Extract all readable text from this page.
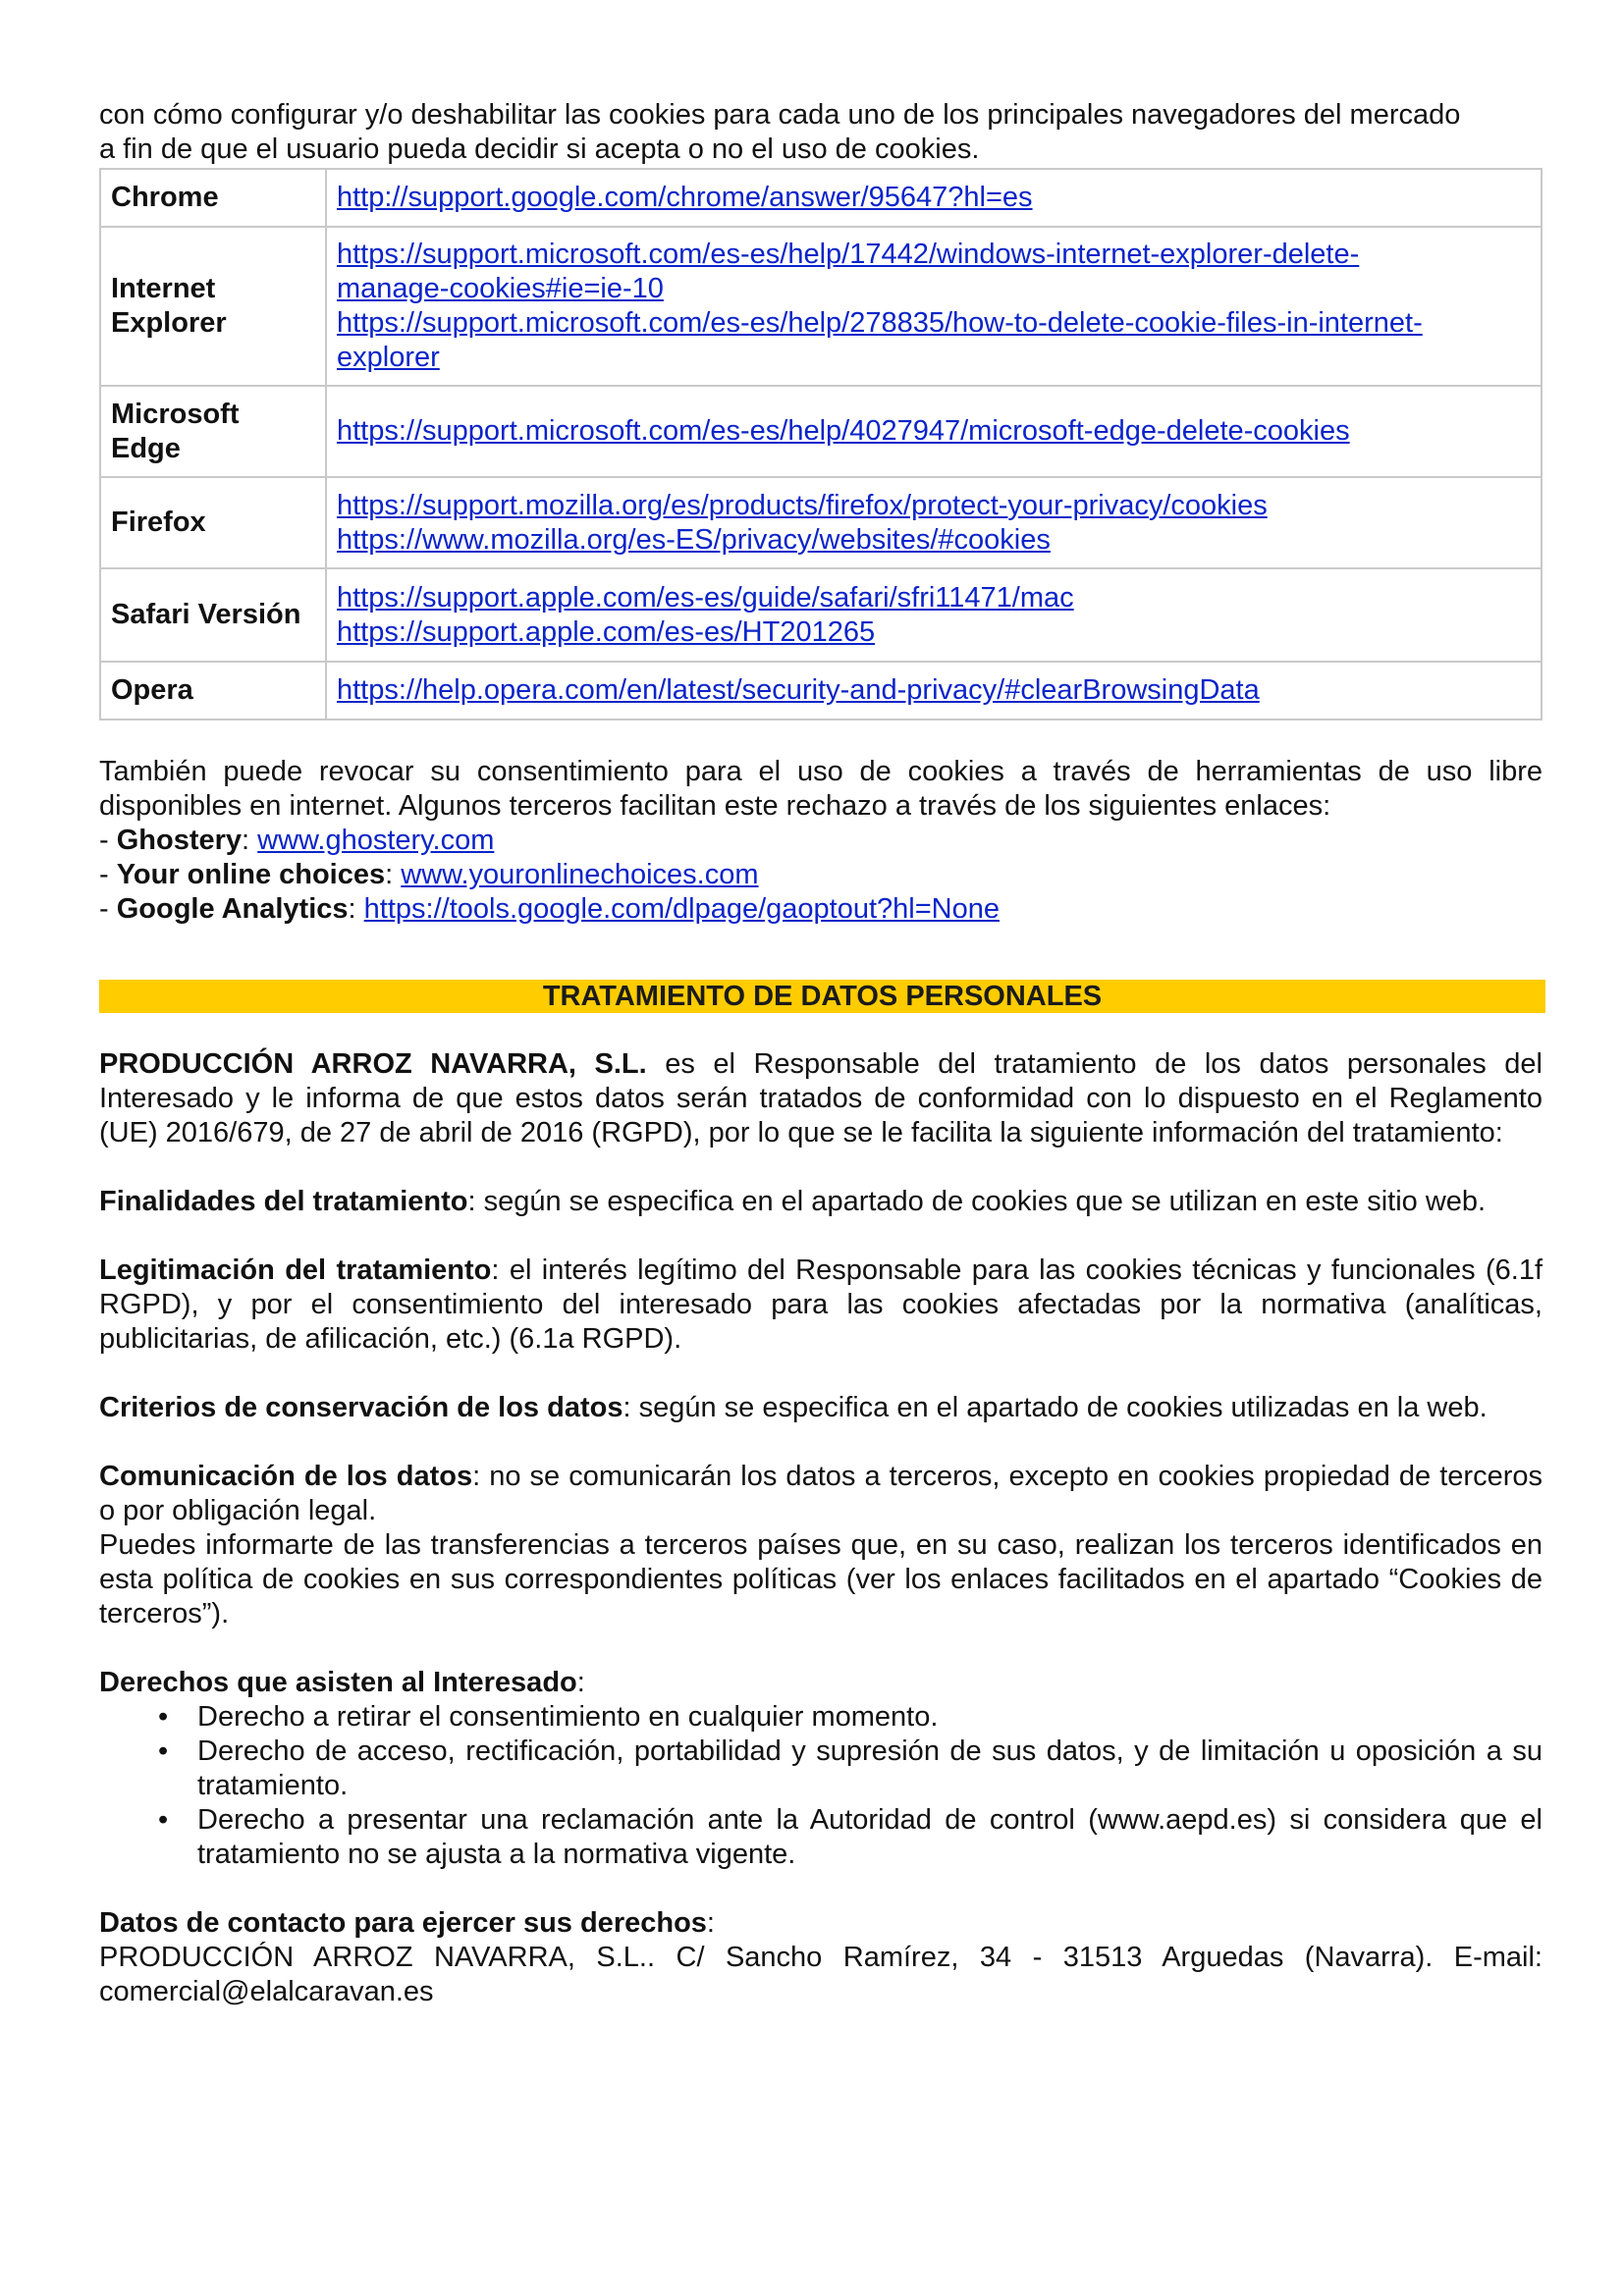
con cómo configurar y/o deshabilitar las cookies para cada uno de los principales navegadores del mercado
a fin de que el usuario pueda decidir si acepta o no el uso de cookies.

Chrome	http://support.google.com/chrome/answer/95647?hl=es

Internet Explorer	https://support.microsoft.com/es-es/help/17442/windows-internet-explorer-delete-manage-cookies#ie=ie-10
https://support.microsoft.com/es-es/help/278835/how-to-delete-cookie-files-in-internet-explorer

Microsoft Edge	https://support.microsoft.com/es-es/help/4027947/microsoft-edge-delete-cookies

Firefox	https://support.mozilla.org/es/products/firefox/protect-your-privacy/cookies
https://www.mozilla.org/es-ES/privacy/websites/#cookies

Safari Versión	https://support.apple.com/es-es/guide/safari/sfri11471/mac
https://support.apple.com/es-es/HT201265

Opera	https://help.opera.com/en/latest/security-and-privacy/#clearBrowsingData

También puede revocar su consentimiento para el uso de cookies a través de herramientas de uso libre disponibles en internet. Algunos terceros facilitan este rechazo a través de los siguientes enlaces:

- Ghostery: www.ghostery.com

- Your online choices: www.youronlinechoices.com

- Google Analytics: https://tools.google.com/dlpage/gaoptout?hl=None

TRATAMIENTO DE DATOS PERSONALES

PRODUCCIÓN ARROZ NAVARRA, S.L. es el Responsable del tratamiento de los datos personales del Interesado y le informa de que estos datos serán tratados de conformidad con lo dispuesto en el Reglamento (UE) 2016/679, de 27 de abril de 2016 (RGPD), por lo que se le facilita la siguiente información del tratamiento:

Finalidades del tratamiento: según se especifica en el apartado de cookies que se utilizan en este sitio web.

Legitimación del tratamiento: el interés legítimo del Responsable para las cookies técnicas y funcionales (6.1f RGPD), y por el consentimiento del interesado para las cookies afectadas por la normativa (analíticas, publicitarias, de afilicación, etc.) (6.1a RGPD).

Criterios de conservación de los datos: según se especifica en el apartado de cookies utilizadas en la web.

Comunicación de los datos: no se comunicarán los datos a terceros, excepto en cookies propiedad de terceros o por obligación legal.

Puedes informarte de las transferencias a terceros países que, en su caso, realizan los terceros identificados en esta política de cookies en sus correspondientes políticas (ver los enlaces facilitados en el apartado “Cookies de terceros”).

Derechos que asisten al Interesado:

• Derecho a retirar el consentimiento en cualquier momento.
• Derecho de acceso, rectificación, portabilidad y supresión de sus datos, y de limitación u oposición a su tratamiento.
• Derecho a presentar una reclamación ante la Autoridad de control (www.aepd.es) si considera que el tratamiento no se ajusta a la normativa vigente.

Datos de contacto para ejercer sus derechos:

PRODUCCIÓN ARROZ NAVARRA, S.L.. C/ Sancho Ramírez, 34 - 31513 Arguedas (Navarra). E-mail: comercial@elalcaravan.es
